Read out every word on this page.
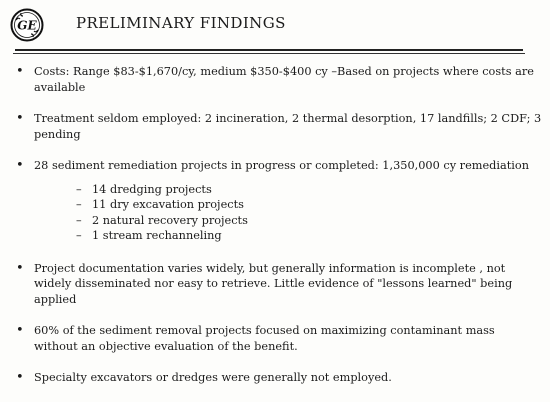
GE	PRELIMINARY FINDINGS
• Costs: Range $83-$1,670/cy, medium $350-$400 cy –Based on projects where costs are available
• Treatment seldom employed: 2 incineration, 2 thermal desorption, 17 landfills; 2 CDF; 3 pending
• 28 sediment remediation projects in progress or completed: 1,350,000 cy remediation
– 14 dredging projects
– 11 dry excavation projects
– 2 natural recovery projects
– 1 stream rechanneling
• Project documentation varies widely, but generally information is incomplete , not widely disseminated nor easy to retrieve. Little evidence of "lessons learned" being applied
• 60% of the sediment removal projects focused on maximizing contaminant mass without an objective evaluation of the benefit.
• Specialty excavators or dredges were generally not employed.
